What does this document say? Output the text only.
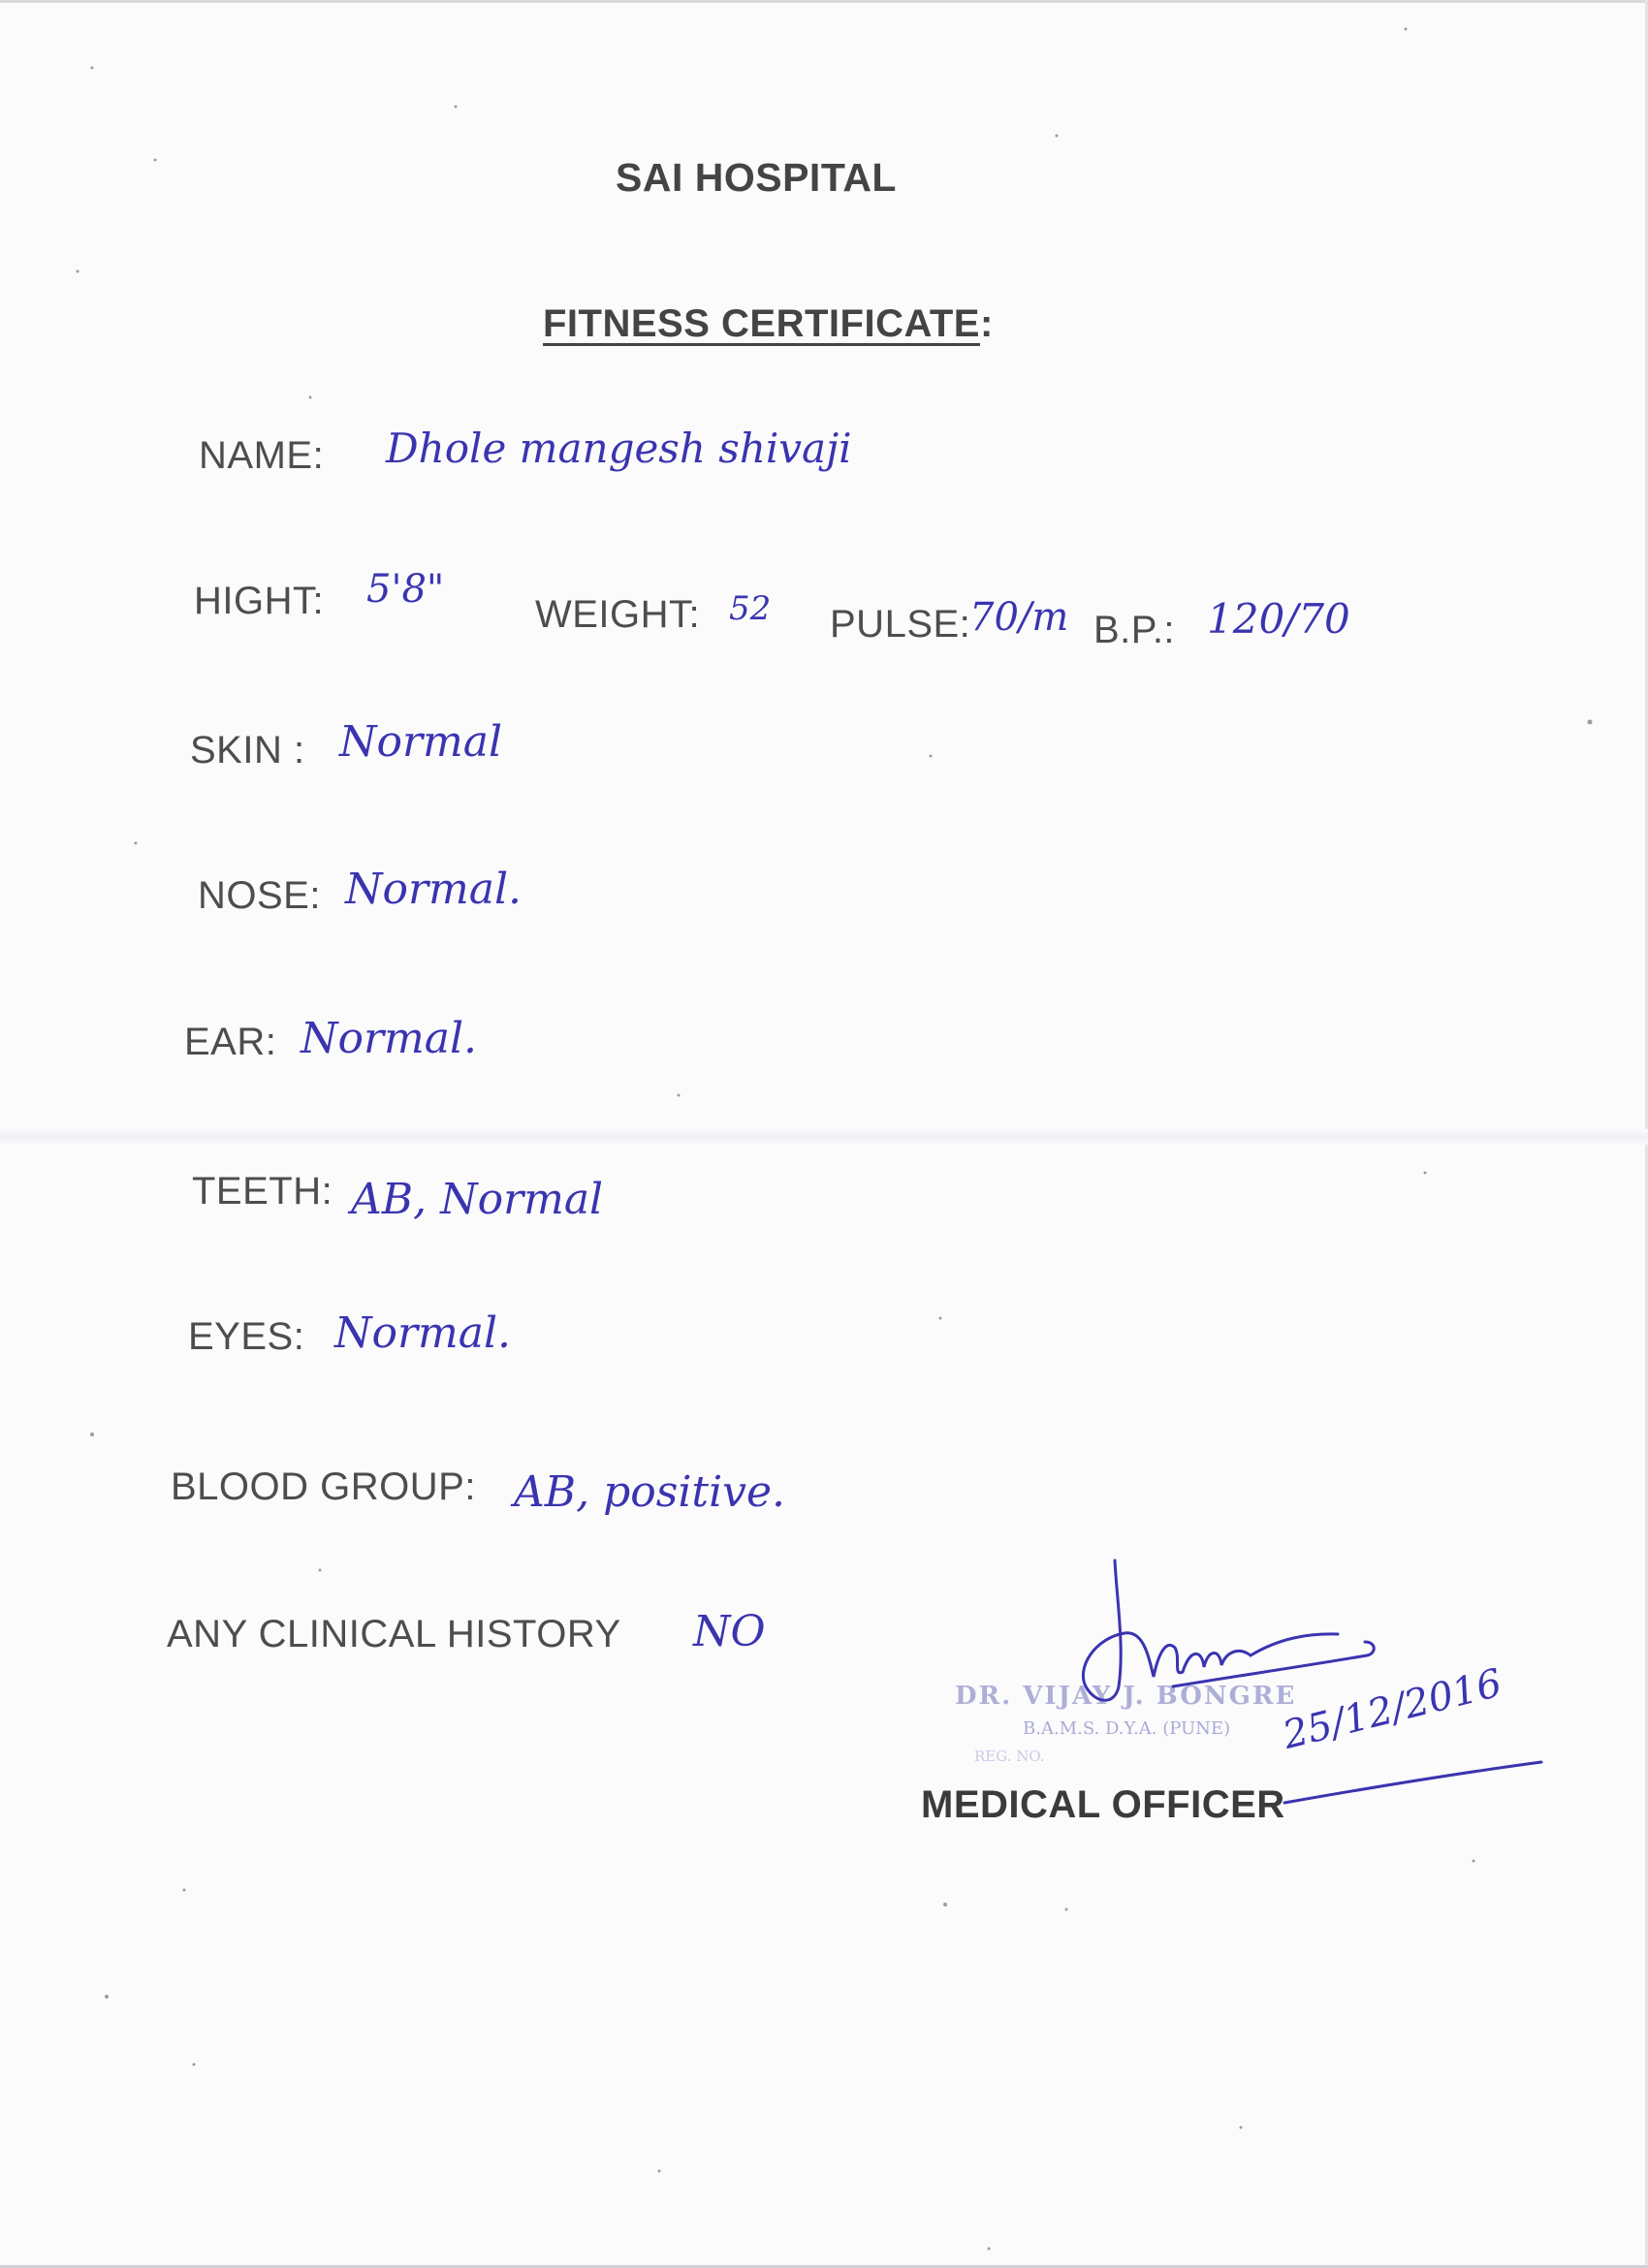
SAI HOSPITAL
FITNESS CERTIFICATE:
NAME: Dhole mangesh shivaji
HIGHT: 5'8"
WEIGHT: 52 PULSE:
70/m B.P.: 120/70
SKIN : Normal
NOSE: Normal.
EAR: Normal.
TEETH: AB, Normal
EYES: Normal.
BLOOD GROUP: AB, positive.
ANY CLINICAL HISTORY NO
DR. VIJAY J. BONGRE
B.A.M.S. D.Y.A. (PUNE)
REG. NO.
MEDICAL OFFICER
25/12/2016
